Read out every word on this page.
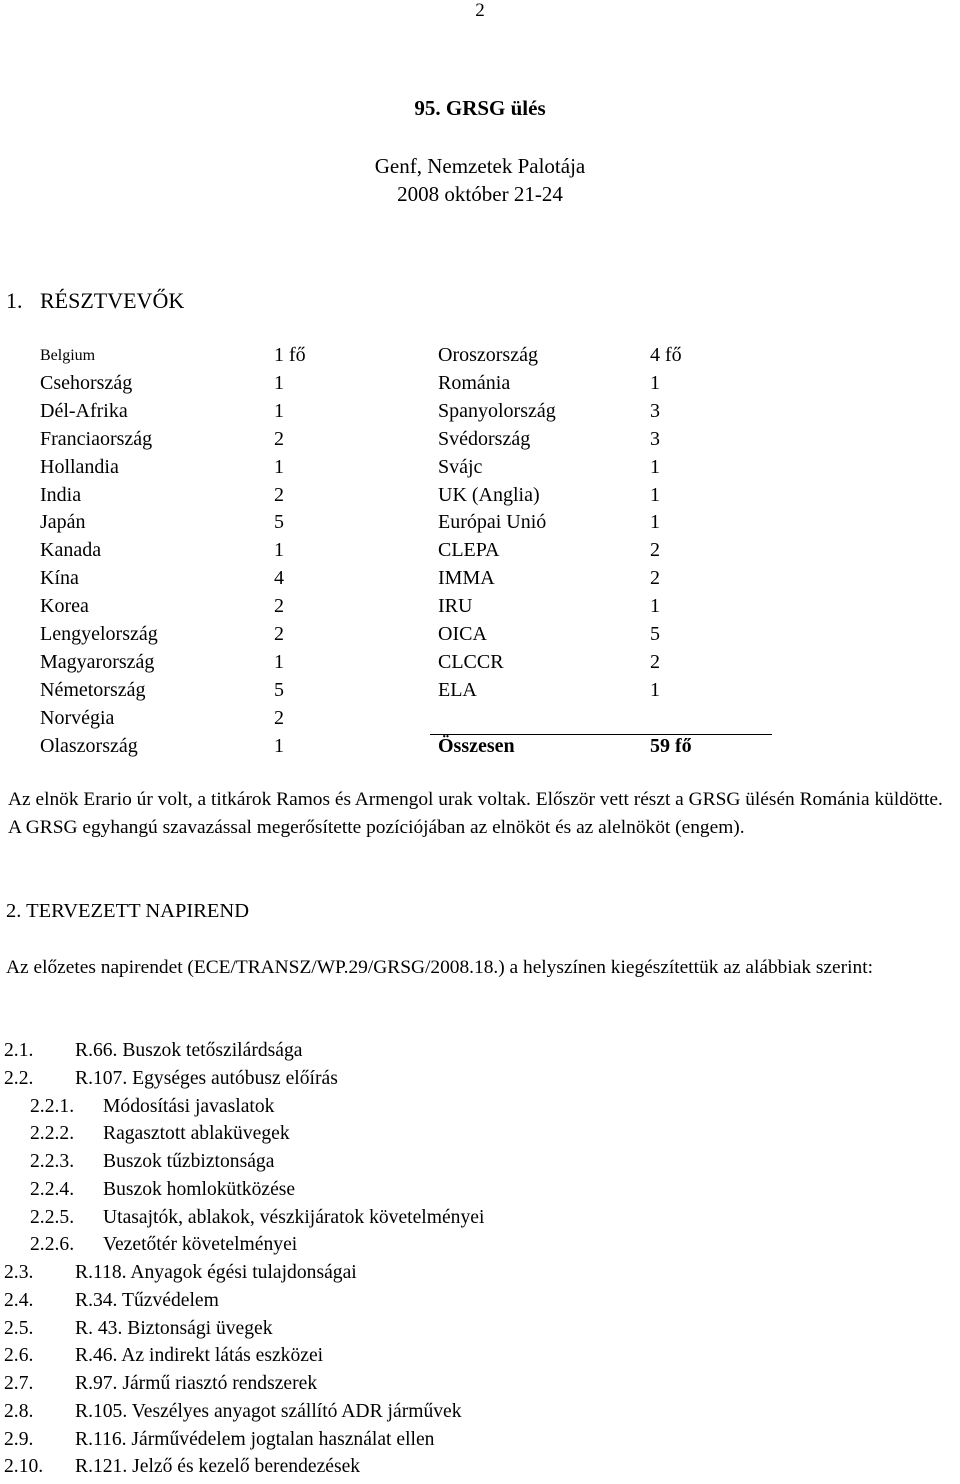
2
95. GRSG ülés
Genf, Nemzetek Palotája
2008 október 21-24
1. RÉSZTVEVŐK
Belgium	1 fő	Oroszország	4 fő
Csehország	1	Románia	1
Dél-Afrika	1	Spanyolország	3
Franciaország	2	Svédország	3
Hollandia	1	Svájc	1
India	2	UK (Anglia)	1
Japán	5	Európai Unió	1
Kanada	1	CLEPA	2
Kína	4	IMMA	2
Korea	2	IRU	1
Lengyelország	2	OICA	5
Magyarország	1	CLCCR	2
Németország	5	ELA	1
Norvégia	2
Olaszország	1	Összesen	59 fő
Az elnök Erario úr volt, a titkárok Ramos és Armengol urak voltak. Először vett részt a GRSG ülésén Románia küldötte. A GRSG egyhangú szavazással megerősítette pozíciójában az elnököt és az alelnököt (engem).
2. TERVEZETT NAPIREND
Az előzetes napirendet (ECE/TRANSZ/WP.29/GRSG/2008.18.) a helyszínen kiegészítettük az alábbiak szerint:
2.1. R.66. Buszok tetőszilárdsága
2.2. R.107. Egységes autóbusz előírás
2.2.1. Módosítási javaslatok
2.2.2. Ragasztott ablaküvegek
2.2.3. Buszok tűzbiztonsága
2.2.4. Buszok homlokütközése
2.2.5. Utasajtók, ablakok, vészkijáratok követelményei
2.2.6. Vezetőtér követelményei
2.3. R.118. Anyagok égési tulajdonságai
2.4. R.34. Tűzvédelem
2.5. R. 43. Biztonsági üvegek
2.6. R.46. Az indirekt látás eszközei
2.7. R.97. Jármű riasztó rendszerek
2.8. R.105. Veszélyes anyagot szállító ADR járművek
2.9. R.116. Járművédelem jogtalan használat ellen
2.10. R.121. Jelző és kezelő berendezések
